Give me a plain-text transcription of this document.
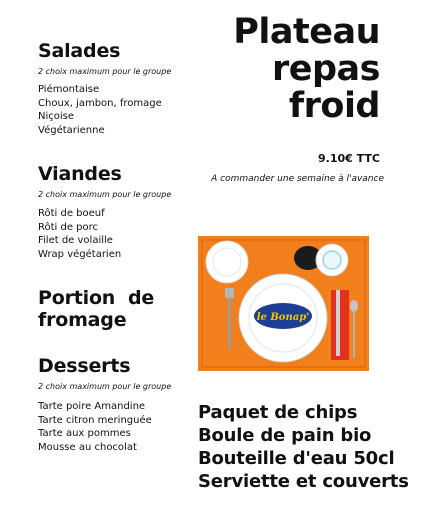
Salades
2 choix maximum pour le groupe
Piémontaise
Choux, jambon, fromage
Niçoise
Végétarienne
Viandes
2 choix maximum pour le groupe
Rôti de boeuf
Rôti de porc
Filet de volaille
Wrap végétarien
Portion  de
fromage
Desserts
2 choix maximum pour le groupe
Tarte poire Amandine
Tarte citron meringuée
Tarte aux pommes
Mousse au chocolat
Plateau
repas
froid
9.10€ TTC
A commander une semaine à l'avance
le Bonap'
Paquet de chips
Boule de pain bio
Bouteille d'eau 50cl
Serviette et couverts
